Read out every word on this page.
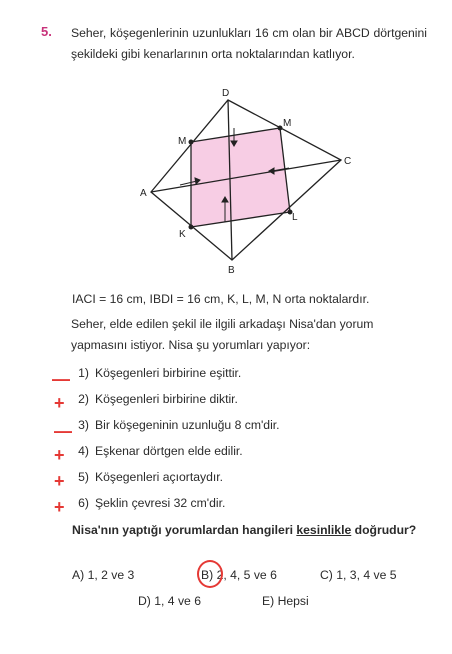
5. Seher, köşegenlerinin uzunlukları 16 cm olan bir ABCD dörtgenini şekildeki gibi kenarlarının orta noktalarından katlıyor.
D
M
M
C
A
K
L
B
IACI = 16 cm, IBDI = 16 cm, K, L, M, N orta noktalardır.
Seher, elde edilen şekil ile ilgili arkadaşı Nisa'dan yorum yapmasını istiyor. Nisa şu yorumları yapıyor:
— 1) Köşegenleri birbirine eşittir.
+	2) Köşegenleri birbirine diktir.
— 3) Bir köşegeninin uzunluğu 8 cm'dir.
+	4) Eşkenar dörtgen elde edilir.
+	5) Köşegenleri açıortaydır.
+	6) Şeklin çevresi 32 cm'dir.
Nisa'nın yaptığı yorumlardan hangileri kesinlikle doğrudur?
A) 1, 2 ve 3	B) 2, 4, 5 ve 6	C) 1, 3, 4 ve 5
D) 1, 4 ve 6	E) Hepsi
